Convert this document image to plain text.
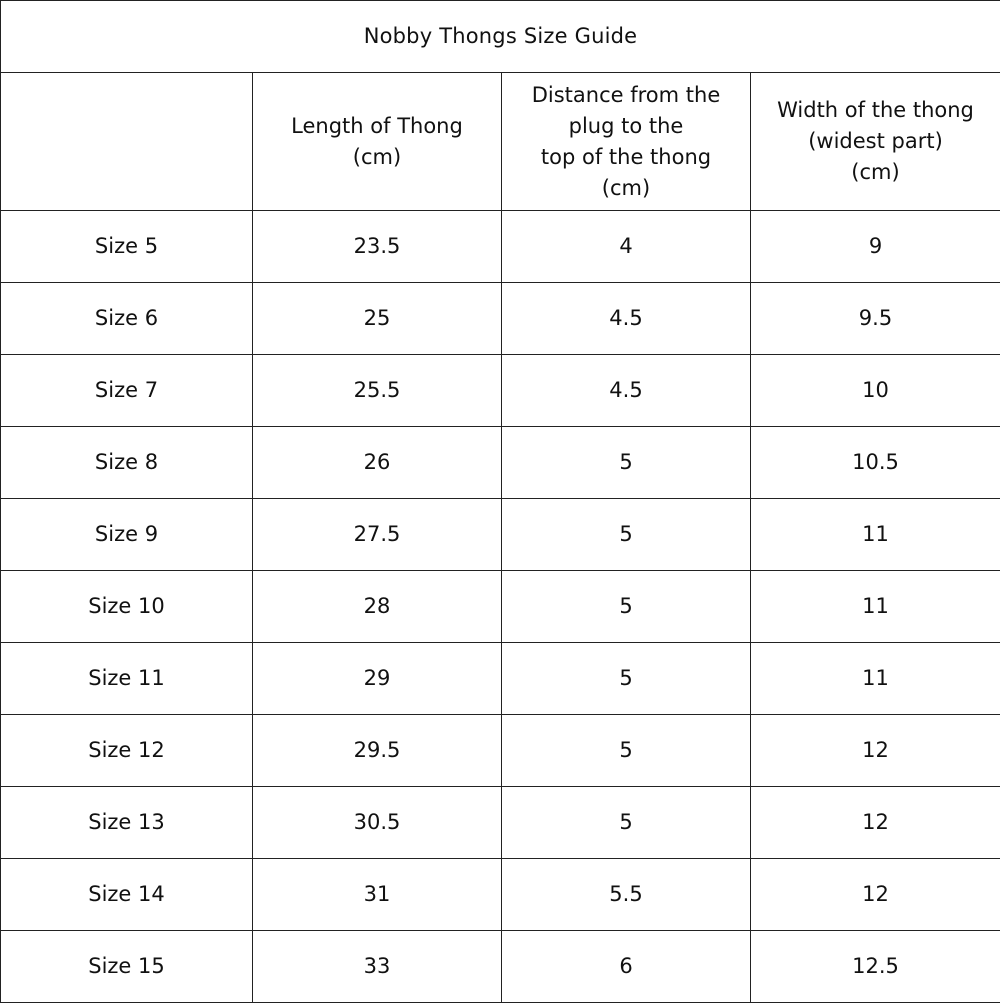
Nobby Thongs Size Guide			

	Length of Thong
(cm)	Distance from the
plug to the
top of the thong
(cm)	Width of the thong
(widest part)
(cm)

Size 5	23.5	4	9
Size 6	25	4.5	9.5
Size 7	25.5	4.5	10
Size 8	26	5	10.5
Size 9	27.5	5	11
Size 10	28	5	11
Size 11	29	5	11
Size 12	29.5	5	12
Size 13	30.5	5	12
Size 14	31	5.5	12
Size 15	33	6	12.5
